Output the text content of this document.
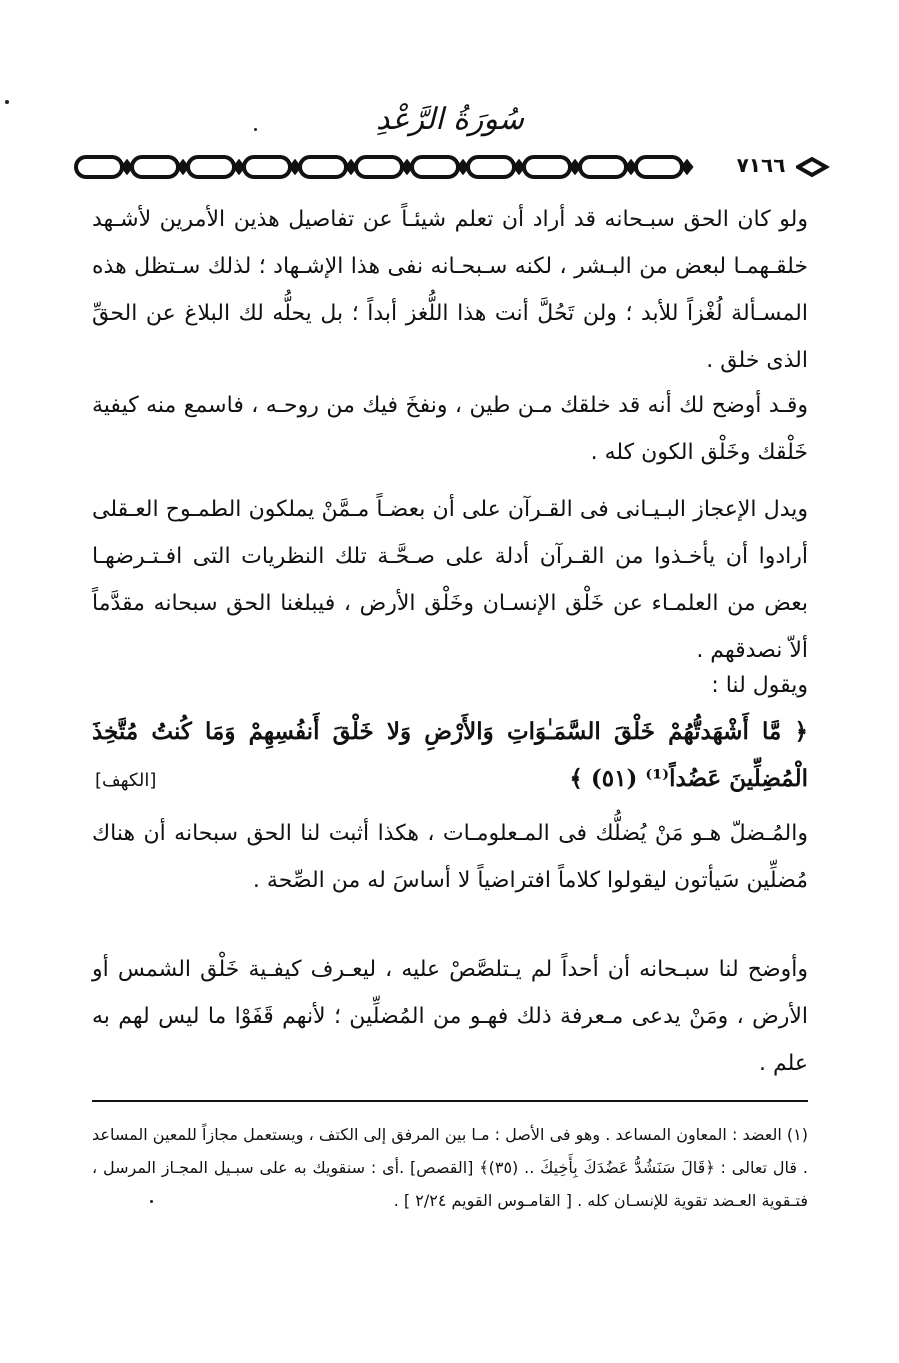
سُورَةُ الرَّعْدِ
٧١٦٦

ولو كان الحق سبـحانه قد أراد أن تعلم شيئـاً عن تفاصيل هذين الأمرين لأشـهد خلقـهمـا لبعض من البـشر ، لكنه سـبحـانه نفى هذا الإشـهاد ؛ لذلك سـتظل هذه المسـألة لُغْزاً للأبد ؛ ولن تَحُلَّ أنت هذا اللُّغز أبداً ؛ بل يحلُّه لك البلاغ عن الحقِّ الذى خلق .

وقـد أوضح لك أنه قد خلقك مـن طين ، ونفخَ فيك من روحـه ، فاسمع منه كيفية خَلْقك وخَلْق الكون كله .

ويدل الإعجاز البـيـانى فى القـرآن على أن بعضـاً مـمَّنْ يملكون الطمـوح العـقلى أرادوا أن يأخـذوا من القـرآن أدلة على صـحَّـة تلك النظريات التى افـتـرضهـا بعض من العلمـاء عن خَلْق الإنسـان وخَلْق الأرض ، فيبلغنا الحق سبحانه مقدَّماً ألاّ نصدقهم .

ويقول لنا :

﴿ مَّا أَشْهَدتُّهُمْ خَلْقَ السَّمَـٰوَاتِ وَالأَرْضِ وَلا خَلْقَ أَنفُسِهِمْ وَمَا كُنتُ مُتَّخِذَ الْمُضِلِّينَ عَضُداً⁽¹⁾ (٥١) ﴾

[الكهف]

والمُـضلّ هـو مَنْ يُضلُّك فى المـعلومـات ، هكذا أثبت لنا الحق سبحانه أن هناك مُضلِّين سَيأتون ليقولوا كلاماً افتراضياً لا أساسَ له من الصِّحة .

وأوضح لنا سبـحانه أن أحداً لم يـتلصَّصْ عليه ، ليعـرف كيفـية خَلْق الشمس أو الأرض ، ومَنْ يدعى مـعرفة ذلك فهـو من المُضلِّين ؛ لأنهم قَفَوْا ما ليس لهم به علم .

(١) العضد : المعاون المساعد . وهو فى الأصل : مـا بين المرفق إلى الكتف ، ويستعمل مجازاً للمعين المساعد . قال تعالى : ﴿قَالَ سَنَشُدُّ عَضُدَكَ بِأَخِيكَ .. (٣٥)﴾ [القصص] .أى : سنقويك به على سبـيل المجـاز المرسل ، فتـقوية العـضد تقوية للإنسـان كله . [ القامـوس القويم ٢/٢٤ ] .
